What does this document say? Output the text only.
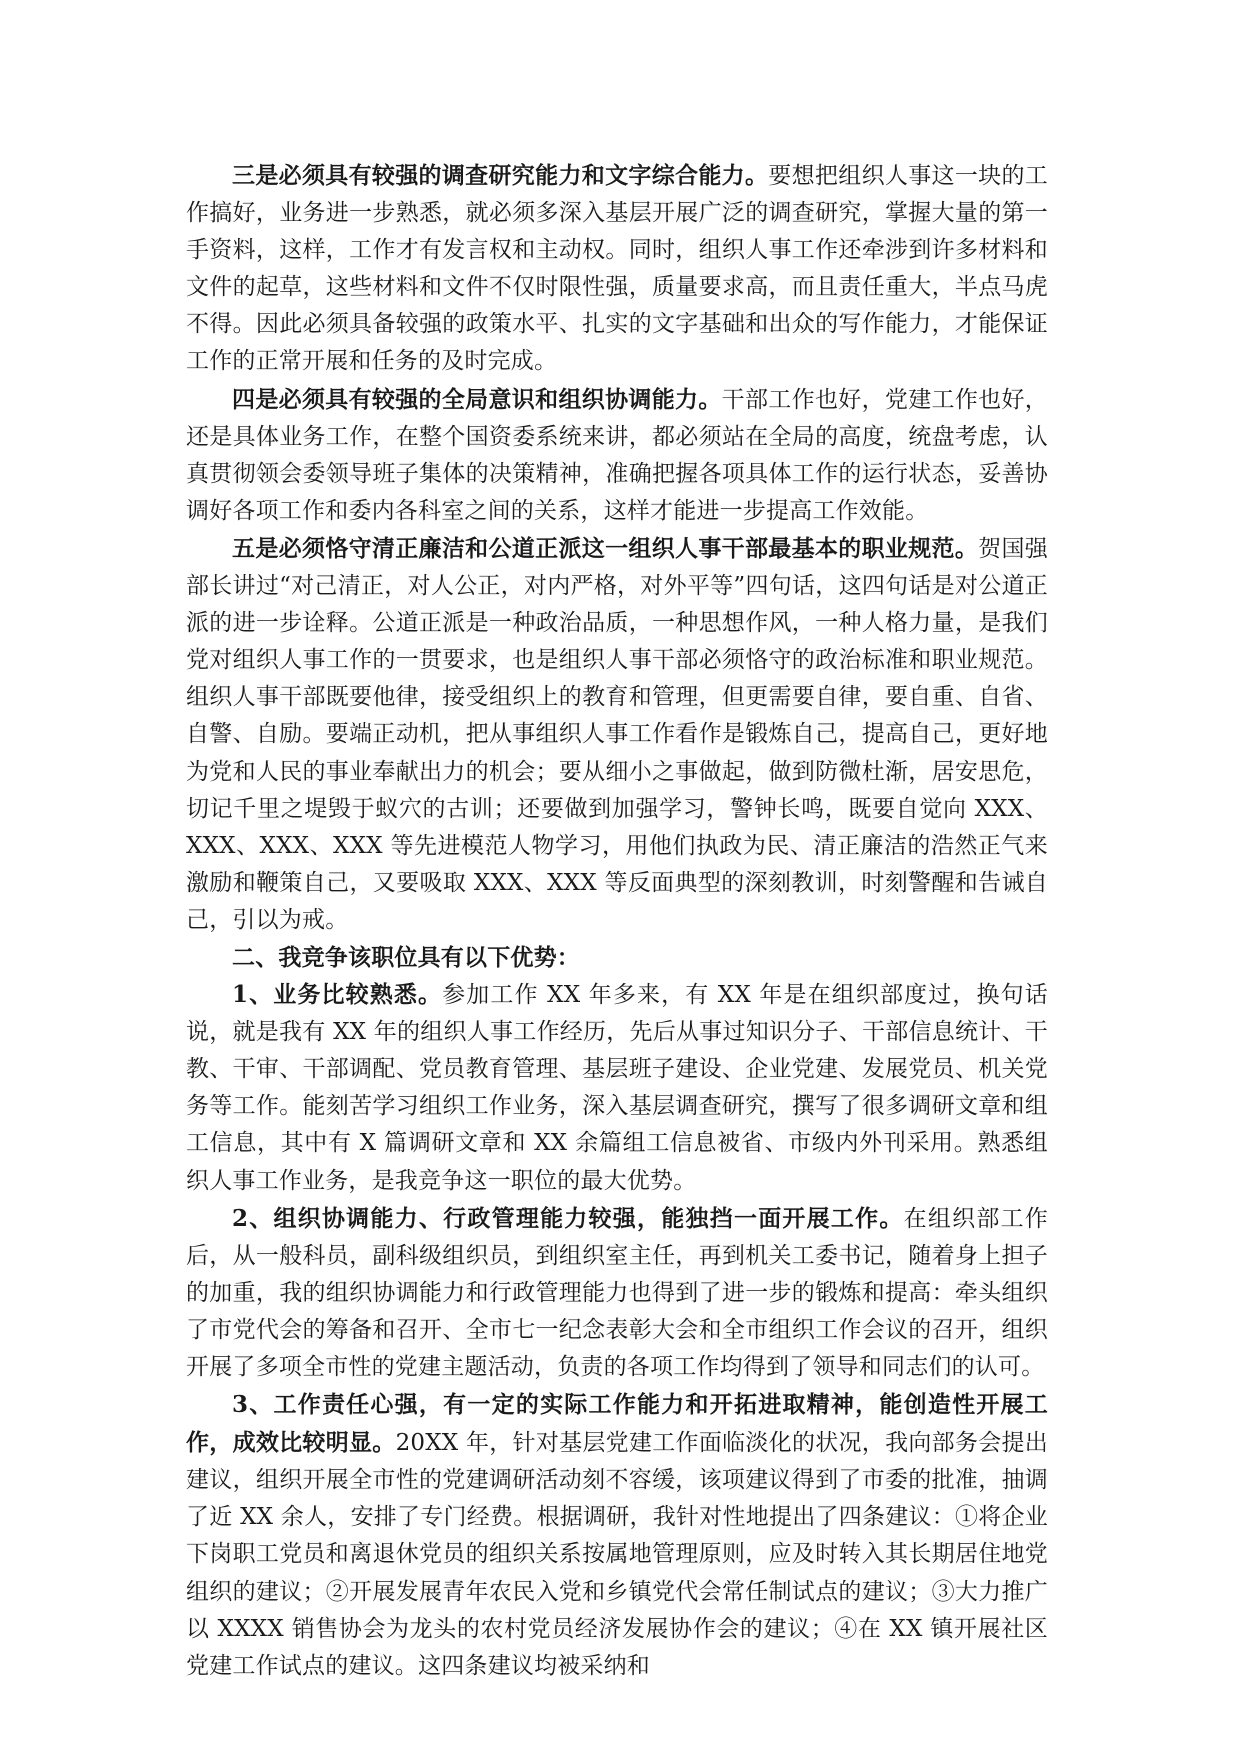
三是必须具有较强的调查研究能力和文字综合能力。要想把组织人事这一块的工作搞好，业务进一步熟悉，就必须多深入基层开展广泛的调查研究，掌握大量的第一手资料，这样，工作才有发言权和主动权。同时，组织人事工作还牵涉到许多材料和文件的起草，这些材料和文件不仅时限性强，质量要求高，而且责任重大，半点马虎不得。因此必须具备较强的政策水平、扎实的文字基础和出众的写作能力，才能保证工作的正常开展和任务的及时完成。

四是必须具有较强的全局意识和组织协调能力。干部工作也好，党建工作也好，还是具体业务工作，在整个国资委系统来讲，都必须站在全局的高度，统盘考虑，认真贯彻领会委领导班子集体的决策精神，准确把握各项具体工作的运行状态，妥善协调好各项工作和委内各科室之间的关系，这样才能进一步提高工作效能。

五是必须恪守清正廉洁和公道正派这一组织人事干部最基本的职业规范。贺国强部长讲过“对己清正，对人公正，对内严格，对外平等”四句话，这四句话是对公道正派的进一步诠释。公道正派是一种政治品质，一种思想作风，一种人格力量，是我们党对组织人事工作的一贯要求，也是组织人事干部必须恪守的政治标准和职业规范。组织人事干部既要他律，接受组织上的教育和管理，但更需要自律，要自重、自省、自警、自励。要端正动机，把从事组织人事工作看作是锻炼自己，提高自己，更好地为党和人民的事业奉献出力的机会；要从细小之事做起，做到防微杜渐，居安思危，切记千里之堤毁于蚁穴的古训；还要做到加强学习，警钟长鸣，既要自觉向 XXX、XXX、XXX、XXX 等先进模范人物学习，用他们执政为民、清正廉洁的浩然正气来激励和鞭策自己，又要吸取 XXX、XXX 等反面典型的深刻教训，时刻警醒和告诫自己，引以为戒。

二、我竞争该职位具有以下优势：

1、业务比较熟悉。参加工作 XX 年多来，有 XX 年是在组织部度过，换句话说，就是我有 XX 年的组织人事工作经历，先后从事过知识分子、干部信息统计、干教、干审、干部调配、党员教育管理、基层班子建设、企业党建、发展党员、机关党务等工作。能刻苦学习组织工作业务，深入基层调查研究，撰写了很多调研文章和组工信息，其中有 X 篇调研文章和 XX 余篇组工信息被省、市级内外刊采用。熟悉组织人事工作业务，是我竞争这一职位的最大优势。

2、组织协调能力、行政管理能力较强，能独挡一面开展工作。在组织部工作后，从一般科员，副科级组织员，到组织室主任，再到机关工委书记，随着身上担子的加重，我的组织协调能力和行政管理能力也得到了进一步的锻炼和提高：牵头组织了市党代会的筹备和召开、全市七一纪念表彰大会和全市组织工作会议的召开，组织开展了多项全市性的党建主题活动，负责的各项工作均得到了领导和同志们的认可。

3、工作责任心强，有一定的实际工作能力和开拓进取精神，能创造性开展工作，成效比较明显。20XX 年，针对基层党建工作面临淡化的状况，我向部务会提出建议，组织开展全市性的党建调研活动刻不容缓，该项建议得到了市委的批准，抽调了近 XX 余人，安排了专门经费。根据调研，我针对性地提出了四条建议：①将企业下岗职工党员和离退休党员的组织关系按属地管理原则，应及时转入其长期居住地党组织的建议；②开展发展青年农民入党和乡镇党代会常任制试点的建议；③大力推广以 XXXX 销售协会为龙头的农村党员经济发展协作会的建议；④在 XX 镇开展社区党建工作试点的建议。这四条建议均被采纳和
